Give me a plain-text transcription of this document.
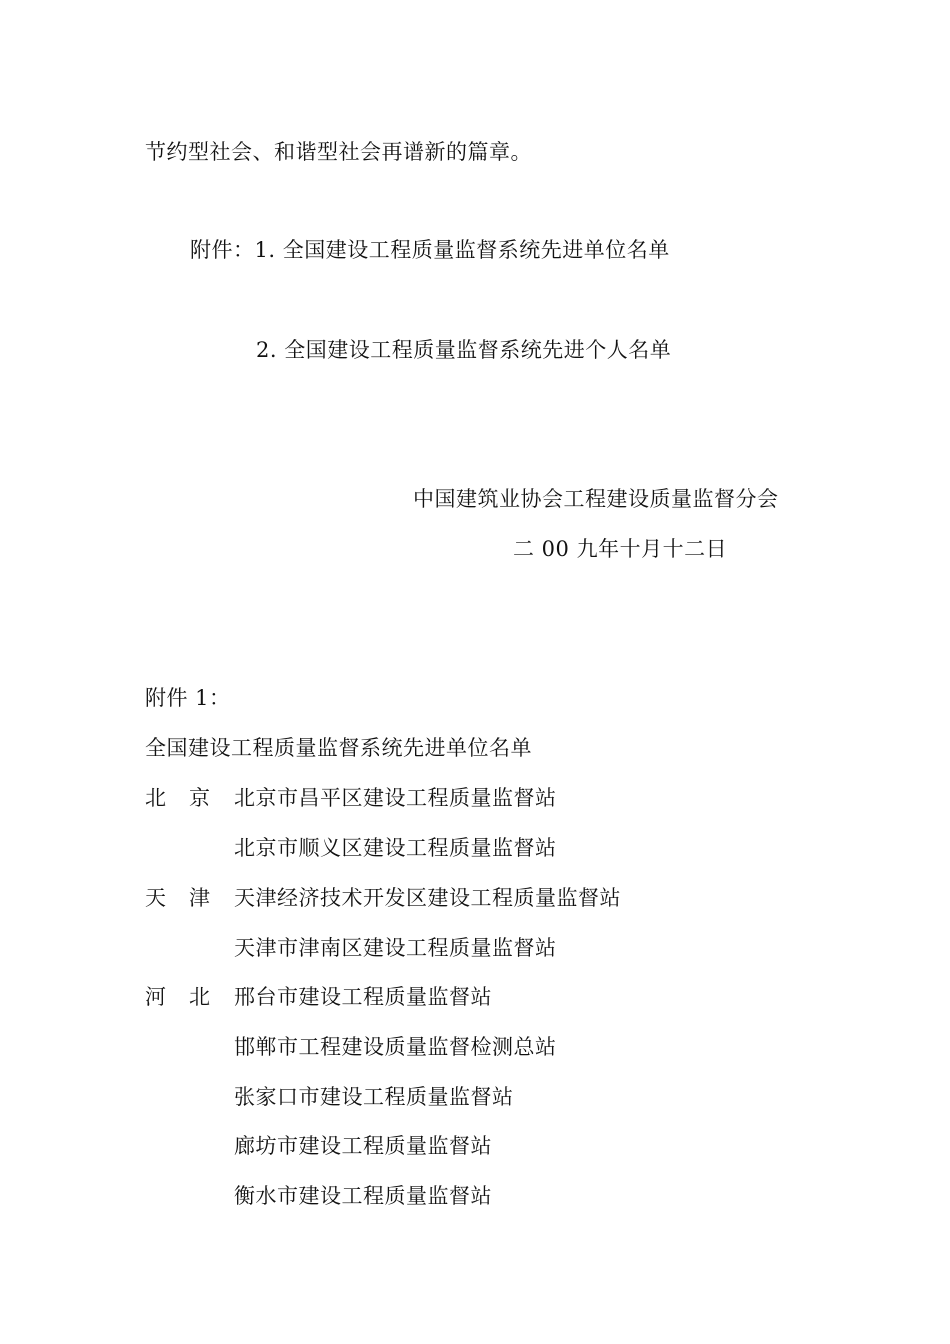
节约型社会、和谐型社会再谱新的篇章。
附件：1. 全国建设工程质量监督系统先进单位名单
2. 全国建设工程质量监督系统先进个人名单
中国建筑业协会工程建设质量监督分会
二 00 九年十月十二日
附件 1：
全国建设工程质量监督系统先进单位名单
北 京 北京市昌平区建设工程质量监督站
北京市顺义区建设工程质量监督站
天 津 天津经济技术开发区建设工程质量监督站
天津市津南区建设工程质量监督站
河 北 邢台市建设工程质量监督站
邯郸市工程建设质量监督检测总站
张家口市建设工程质量监督站
廊坊市建设工程质量监督站
衡水市建设工程质量监督站
